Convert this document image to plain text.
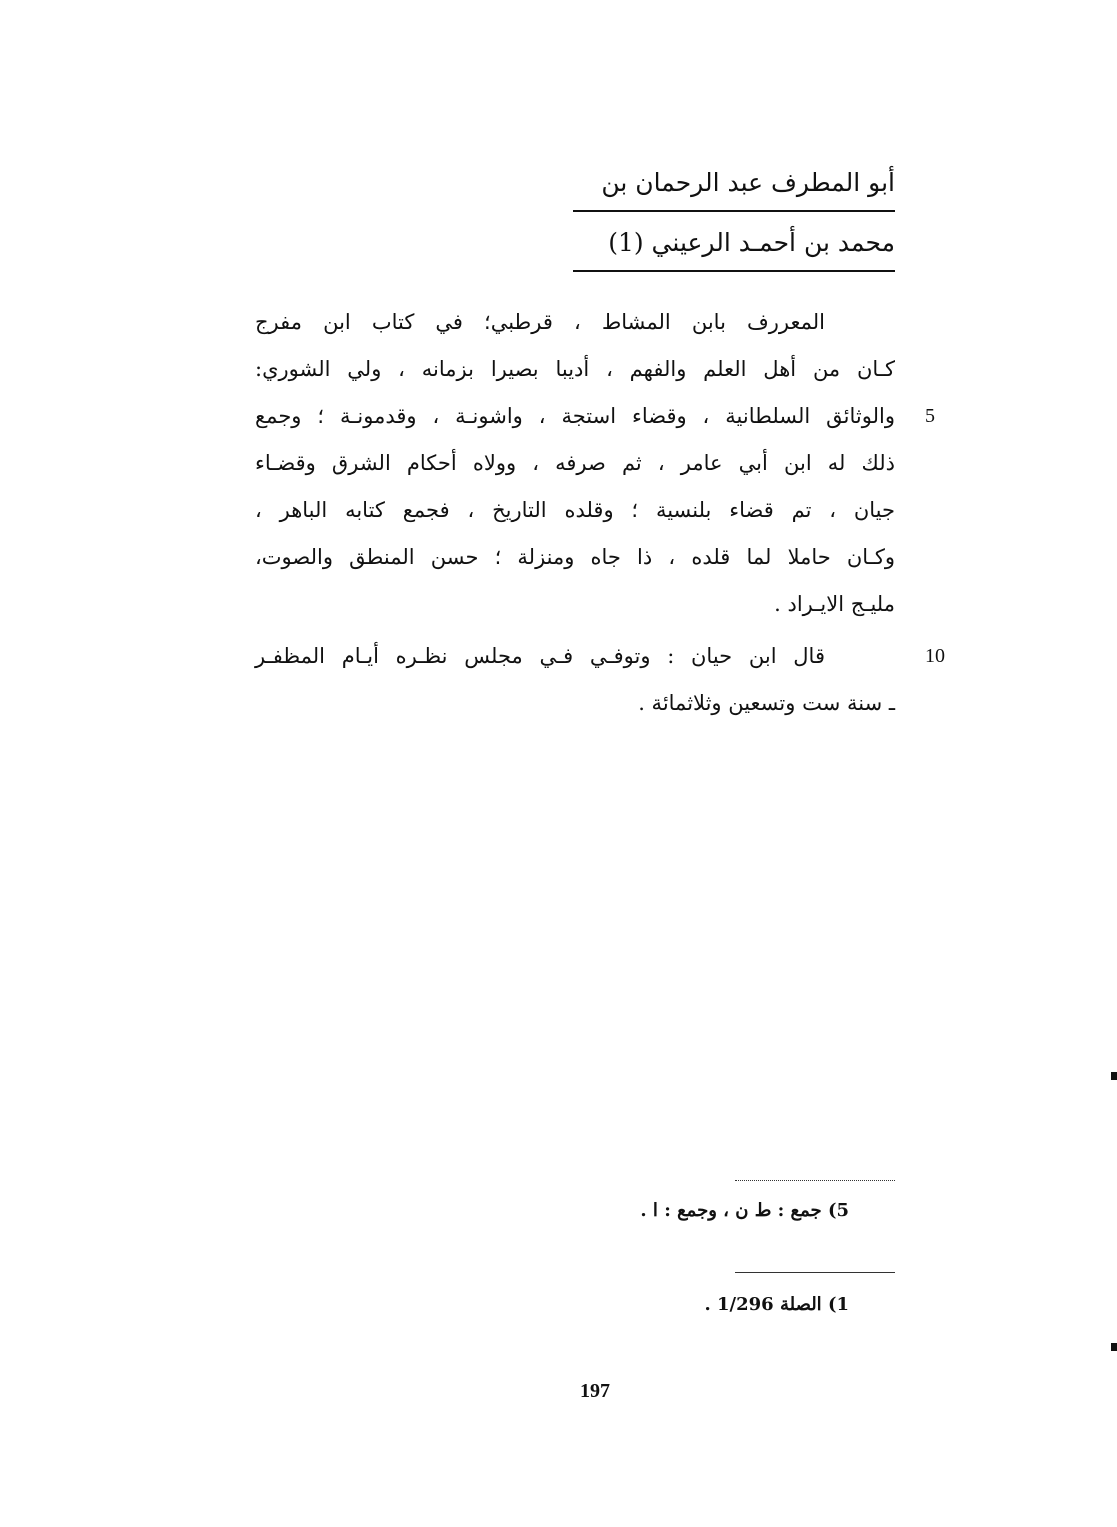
أبو المطرف عبد الرحمان بن
محمد بن أحمـد الرعيني (1)
المعررف بابن المشاط ، قرطبي؛ في كتاب ابن مفرج
كـان من أهل العلم والفهم ، أديبا بصيرا بزمانه ، ولي الشوري:
والوثائق السلطانية ، وقضاء استجة ، واشونـة ، وقدمونـة ؛ وجمع 5
ذلك له ابن أبي عامر ، ثم صرفه ، وولاه أحكام الشرق وقضـاء
جيان ، تم قضاء بلنسية ؛ وقلده التاريخ ، فجمع كتابه الباهر ،
وكـان حاملا لما قلده ، ذا جاه ومنزلة ؛ حسن المنطق والصوت،
مليـج الايـراد .
قال ابن حيان : وتوفـي فـي مجلس نظـره أيـام المظفـر	10
ـ سنة ست وتسعين وثلاثمائة .
5) جمع : ط ن ، وجمع : ا .
1) الصلة 1/296 .
197
